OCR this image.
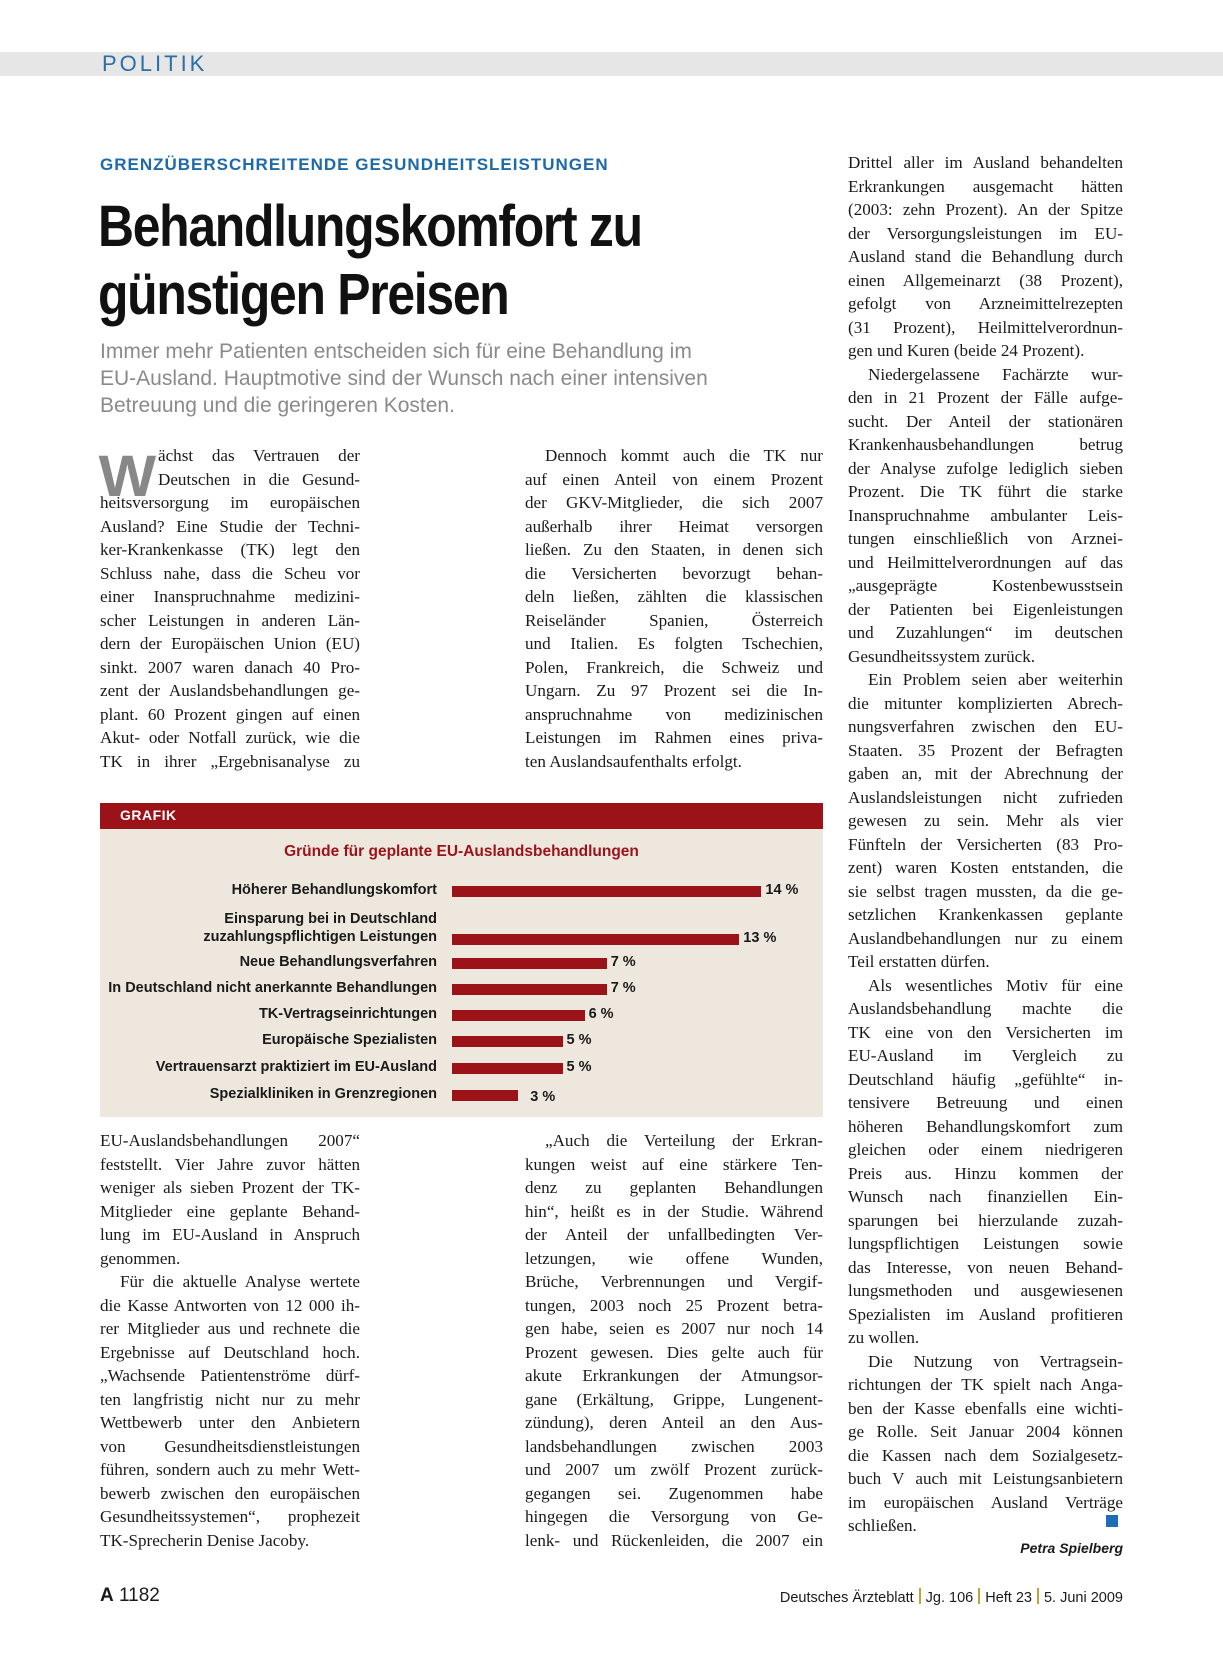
POLITIK
GRENZÜBERSCHREITENDE GESUNDHEITSLEISTUNGEN
Behandlungskomfort zu
günstigen Preisen
Immer mehr Patienten entscheiden sich für eine Behandlung im
EU-Ausland. Hauptmotive sind der Wunsch nach einer intensiven
Betreuung und die geringeren Kosten.
W ächst das Vertrauen der
Deutschen in die Gesund-
heitsversorgung im europäischen
Ausland? Eine Studie der Techni-
ker-Krankenkasse (TK) legt den
Schluss nahe, dass die Scheu vor
einer Inanspruchnahme medizini-
scher Leistungen in anderen Län-
dern der Europäischen Union (EU)
sinkt. 2007 waren danach 40 Pro-
zent der Auslandsbehandlungen ge-
plant. 60 Prozent gingen auf einen
Akut- oder Notfall zurück, wie die
TK in ihrer „Ergebnisanalyse zu
Dennoch kommt auch die TK nur
auf einen Anteil von einem Prozent
der GKV-Mitglieder, die sich 2007
außerhalb ihrer Heimat versorgen
ließen. Zu den Staaten, in denen sich
die Versicherten bevorzugt behan-
deln ließen, zählten die klassischen
Reiseländer Spanien, Österreich
und Italien. Es folgten Tschechien,
Polen, Frankreich, die Schweiz und
Ungarn. Zu 97 Prozent sei die In-
anspruchnahme von medizinischen
Leistungen im Rahmen eines priva-
ten Auslandsaufenthalts erfolgt.
EU-Auslandsbehandlungen 2007“
feststellt. Vier Jahre zuvor hätten
weniger als sieben Prozent der TK-
Mitglieder eine geplante Behand-
lung im EU-Ausland in Anspruch
genommen.
Für die aktuelle Analyse wertete
die Kasse Antworten von 12 000 ih-
rer Mitglieder aus und rechnete die
Ergebnisse auf Deutschland hoch.
„Wachsende Patientenströme dürf-
ten langfristig nicht nur zu mehr
Wettbewerb unter den Anbietern
von Gesundheitsdienstleistungen
führen, sondern auch zu mehr Wett-
bewerb zwischen den europäischen
Gesundheitssystemen“, prophezeit
TK-Sprecherin Denise Jacoby.
„Auch die Verteilung der Erkran-
kungen weist auf eine stärkere Ten-
denz zu geplanten Behandlungen
hin“, heißt es in der Studie. Während
der Anteil der unfallbedingten Ver-
letzungen, wie offene Wunden,
Brüche, Verbrennungen und Vergif-
tungen, 2003 noch 25 Prozent betra-
gen habe, seien es 2007 nur noch 14
Prozent gewesen. Dies gelte auch für
akute Erkrankungen der Atmungsor-
gane (Erkältung, Grippe, Lungenent-
zündung), deren Anteil an den Aus-
landsbehandlungen zwischen 2003
und 2007 um zwölf Prozent zurück-
gegangen sei. Zugenommen habe
hingegen die Versorgung von Ge-
lenk- und Rückenleiden, die 2007 ein
Drittel aller im Ausland behandelten
Erkrankungen ausgemacht hätten
(2003: zehn Prozent). An der Spitze
der Versorgungsleistungen im EU-
Ausland stand die Behandlung durch
einen Allgemeinarzt (38 Prozent),
gefolgt von Arzneimittelrezepten
(31 Prozent), Heilmittelverordnun-
gen und Kuren (beide 24 Prozent).
Niedergelassene Fachärzte wur-
den in 21 Prozent der Fälle aufge-
sucht. Der Anteil der stationären
Krankenhausbehandlungen betrug
der Analyse zufolge lediglich sieben
Prozent. Die TK führt die starke
Inanspruchnahme ambulanter Leis-
tungen einschließlich von Arznei-
und Heilmittelverordnungen auf das
„ausgeprägte Kostenbewusstsein
der Patienten bei Eigenleistungen
und Zuzahlungen“ im deutschen
Gesundheitssystem zurück.
Ein Problem seien aber weiterhin
die mitunter komplizierten Abrech-
nungsverfahren zwischen den EU-
Staaten. 35 Prozent der Befragten
gaben an, mit der Abrechnung der
Auslandsleistungen nicht zufrieden
gewesen zu sein. Mehr als vier
Fünfteln der Versicherten (83 Pro-
zent) waren Kosten entstanden, die
sie selbst tragen mussten, da die ge-
setzlichen Krankenkassen geplante
Auslandbehandlungen nur zu einem
Teil erstatten dürfen.
Als wesentliches Motiv für eine
Auslandsbehandlung machte die
TK eine von den Versicherten im
EU-Ausland im Vergleich zu
Deutschland häufig „gefühlte“ in-
tensivere Betreuung und einen
höheren Behandlungskomfort zum
gleichen oder einem niedrigeren
Preis aus. Hinzu kommen der
Wunsch nach finanziellen Ein-
sparungen bei hierzulande zuzah-
lungspflichtigen Leistungen sowie
das Interesse, von neuen Behand-
lungsmethoden und ausgewiesenen
Spezialisten im Ausland profitieren
zu wollen.
Die Nutzung von Vertragsein-
richtungen der TK spielt nach Anga-
ben der Kasse ebenfalls eine wichti-
ge Rolle. Seit Januar 2004 können
die Kassen nach dem Sozialgesetz-
buch V auch mit Leistungsanbietern
im europäischen Ausland Verträge
schließen.
GRAFIK
Gründe für geplante EU-Auslandsbehandlungen
Höherer Behandlungskomfort	14 %
Einsparung bei in Deutschland zuzahlungspflichtigen Leistungen	13 %
Neue Behandlungsverfahren	7 %
In Deutschland nicht anerkannte Behandlungen	7 %
TK-Vertragseinrichtungen	6 %
Europäische Spezialisten	5 %
Vertrauensarzt praktiziert im EU-Ausland	5 %
Spezialkliniken in Grenzregionen	3 %
Petra Spielberg
A 1182	Deutsches Ärzteblatt Jg. 106 Heft 23 5. Juni 2009
